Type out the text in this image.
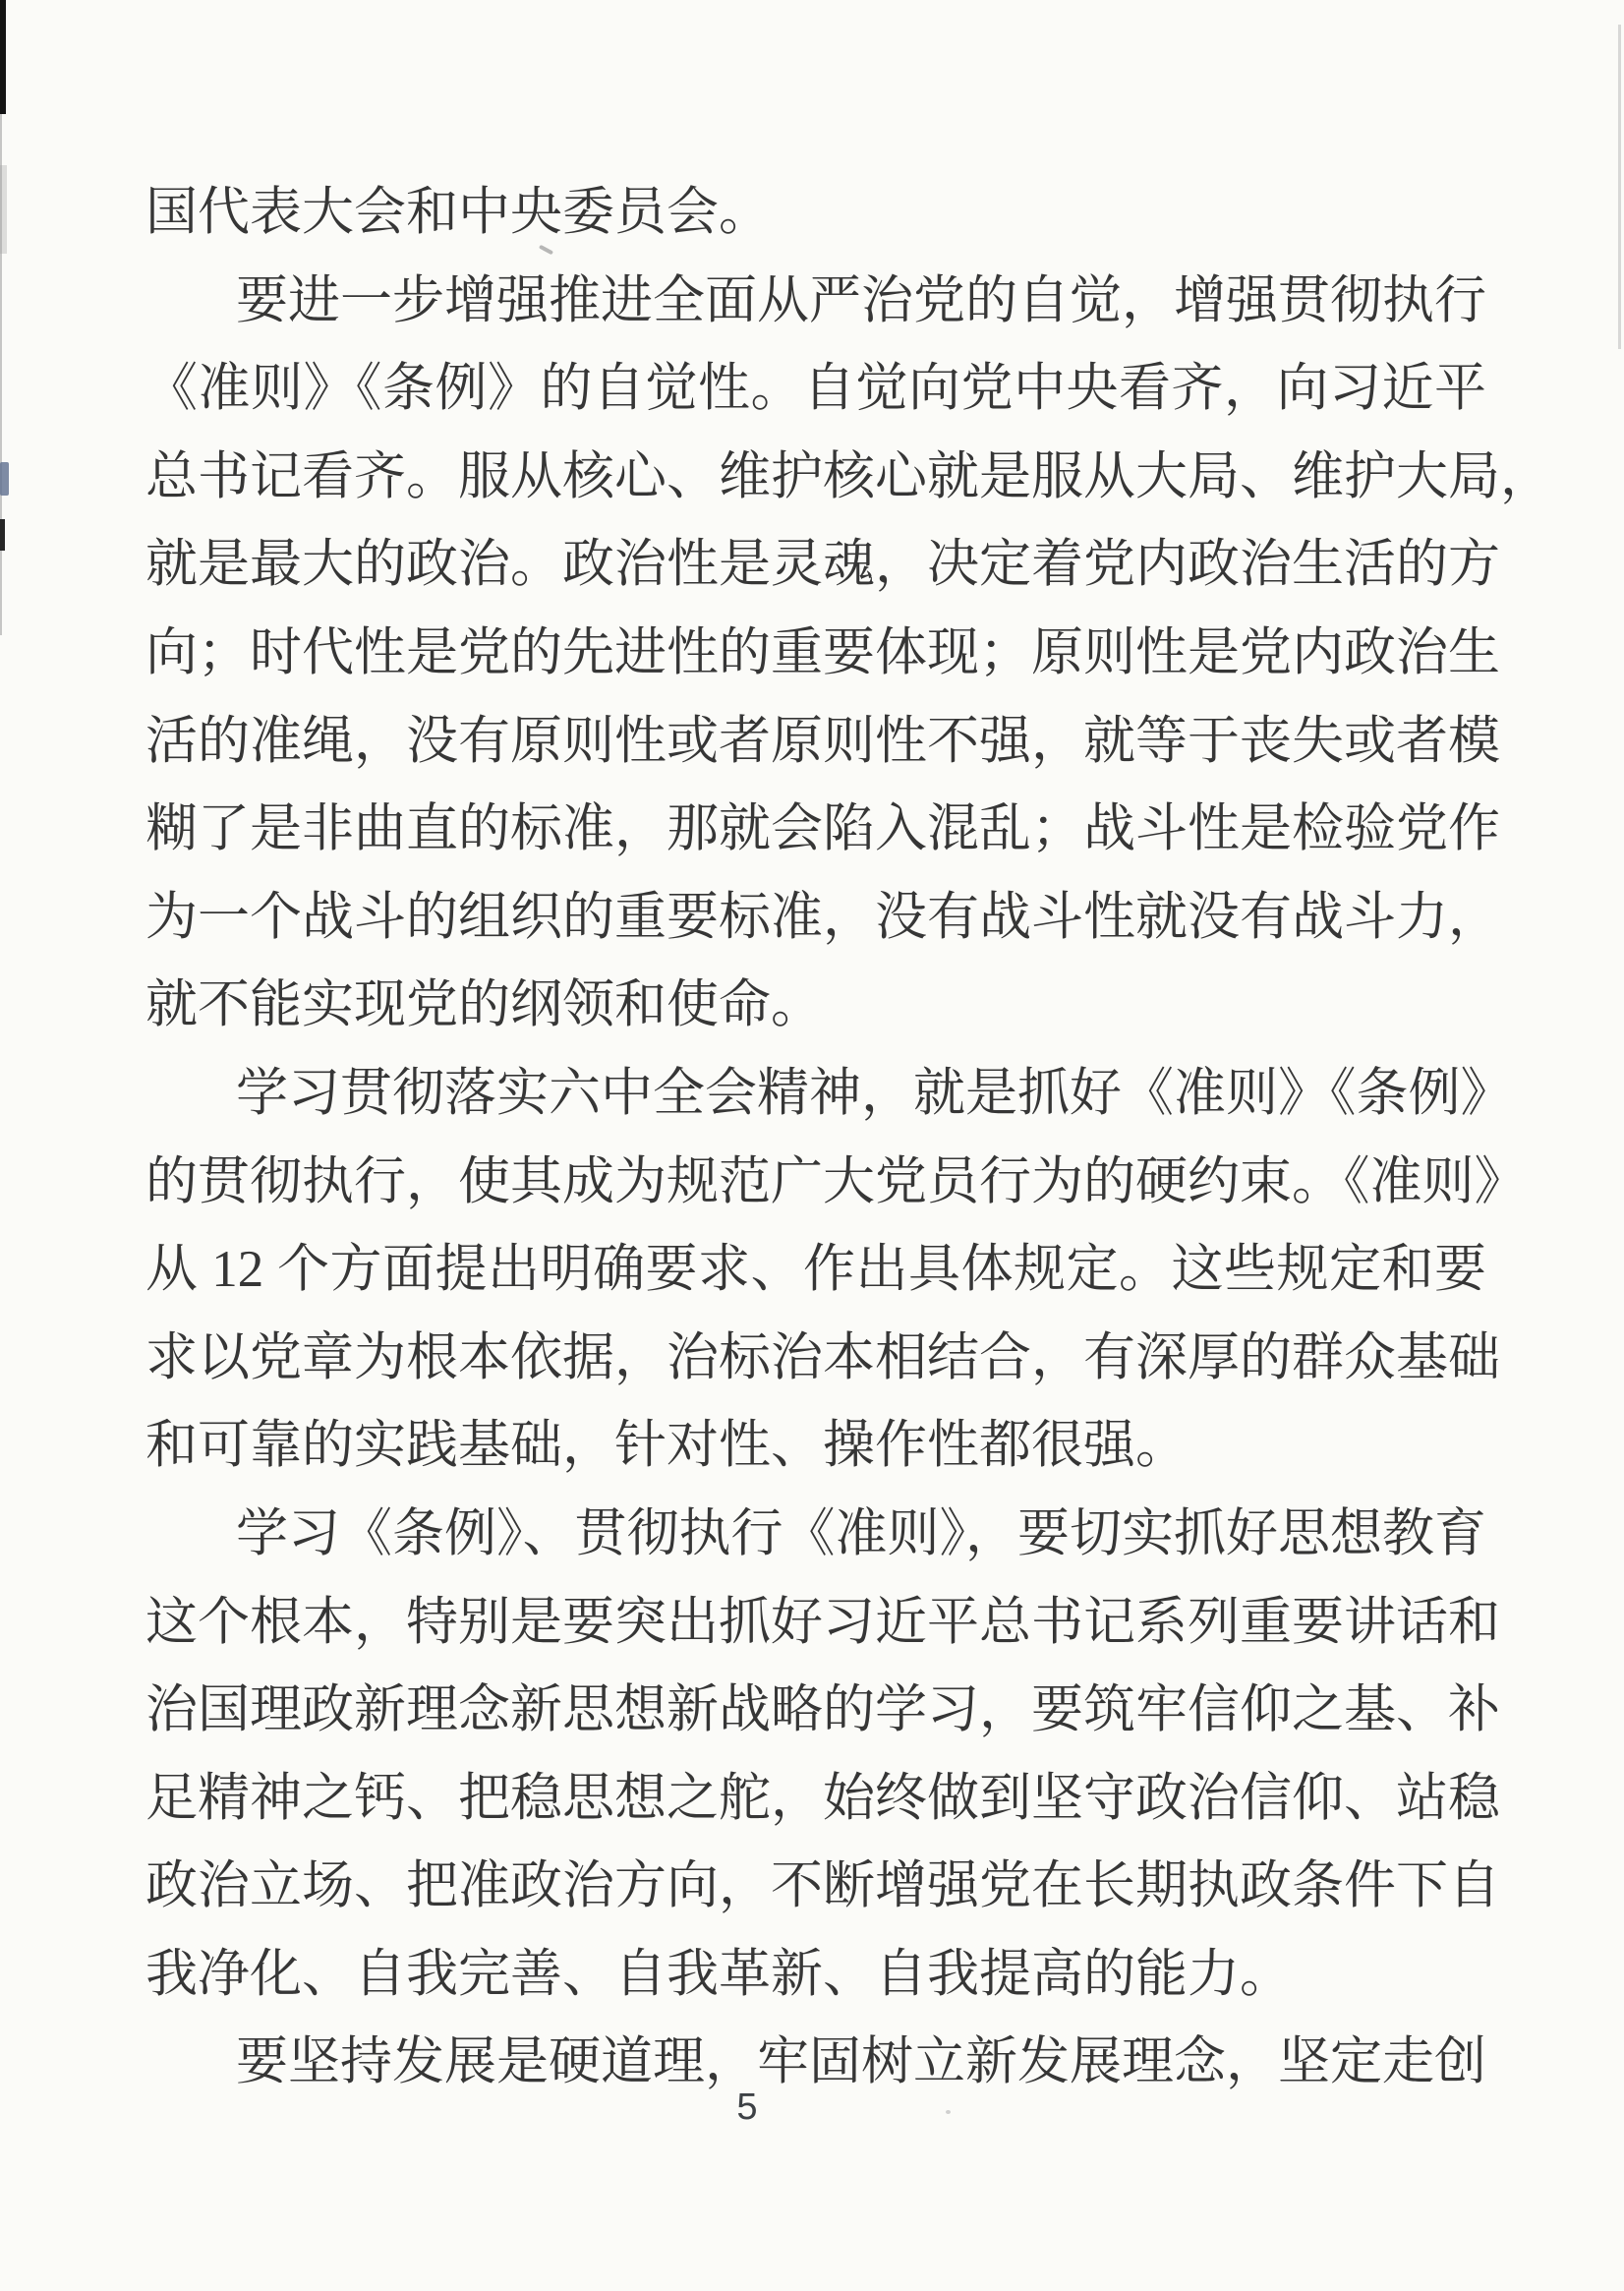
国代表大会和中央委员会。
要进一步增强推进全面从严治党的自觉，增强贯彻执行
《准则》《条例》的自觉性。自觉向党中央看齐，向习近平
总书记看齐。服从核心、维护核心就是服从大局、维护大局，
就是最大的政治。政治性是灵魂，决定着党内政治生活的方
向；时代性是党的先进性的重要体现；原则性是党内政治生
活的准绳，没有原则性或者原则性不强，就等于丧失或者模
糊了是非曲直的标准，那就会陷入混乱；战斗性是检验党作
为一个战斗的组织的重要标准，没有战斗性就没有战斗力，
就不能实现党的纲领和使命。
学习贯彻落实六中全会精神，就是抓好《准则》《条例》
的贯彻执行，使其成为规范广大党员行为的硬约束。《准则》
从 12 个方面提出明确要求、作出具体规定。这些规定和要
求以党章为根本依据，治标治本相结合，有深厚的群众基础
和可靠的实践基础，针对性、操作性都很强。
学习《条例》、贯彻执行《准则》，要切实抓好思想教育
这个根本，特别是要突出抓好习近平总书记系列重要讲话和
治国理政新理念新思想新战略的学习，要筑牢信仰之基、补
足精神之钙、把稳思想之舵，始终做到坚守政治信仰、站稳
政治立场、把准政治方向，不断增强党在长期执政条件下自
我净化、自我完善、自我革新、自我提高的能力。
要坚持发展是硬道理，牢固树立新发展理念，坚定走创
5
